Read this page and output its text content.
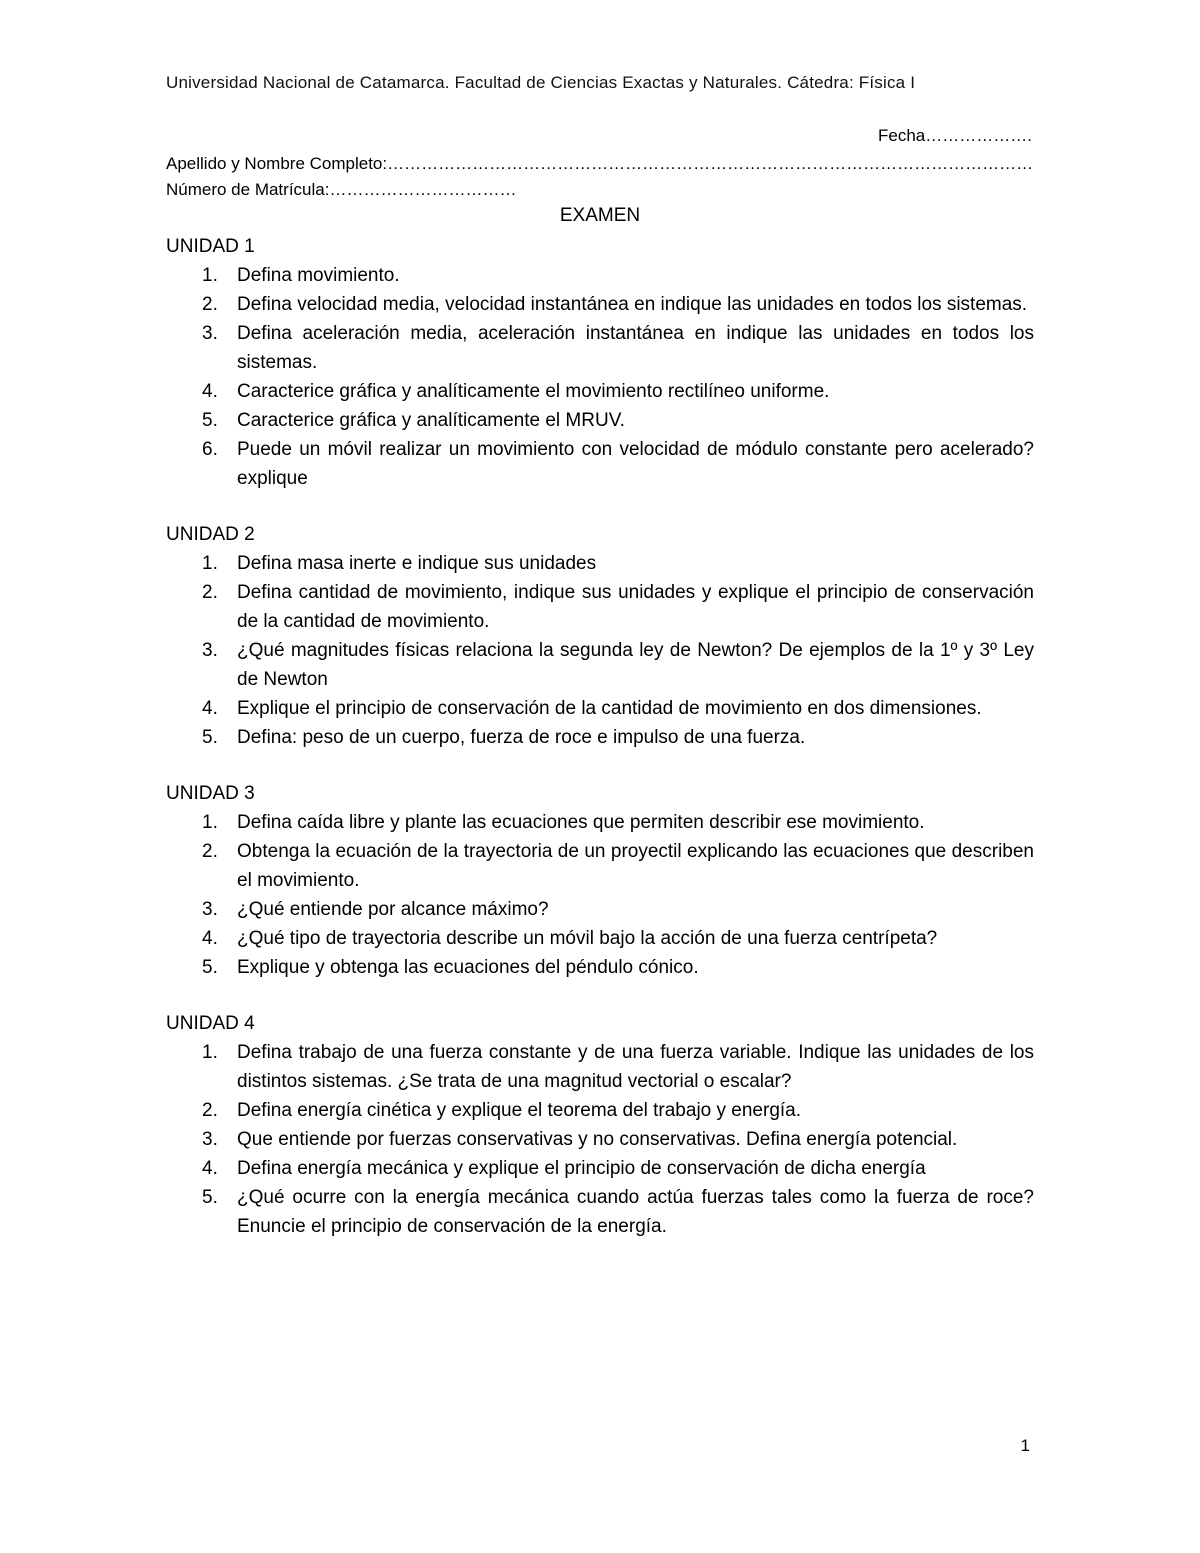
Universidad Nacional de Catamarca. Facultad de Ciencias Exactas y Naturales. Cátedra: Física I
Fecha……………….
Apellido y Nombre Completo:……………………………………………………………………………………………………
Número de Matrícula:……………………………
EXAMEN
UNIDAD 1
1. Defina movimiento.
2. Defina velocidad media, velocidad instantánea en indique las unidades en todos los sistemas.
3. Defina aceleración media, aceleración instantánea en indique las unidades en todos los sistemas.
4. Caracterice gráfica y analíticamente el movimiento rectilíneo uniforme.
5. Caracterice gráfica y analíticamente el MRUV.
6. Puede un móvil realizar un movimiento con velocidad de módulo constante pero acelerado? explique
UNIDAD 2
1. Defina masa inerte e indique sus unidades
2. Defina cantidad de movimiento, indique sus unidades y explique el principio de conservación de la cantidad de movimiento.
3. ¿Qué magnitudes físicas relaciona la segunda ley de Newton? De ejemplos de la 1º y 3º Ley de Newton
4. Explique el principio de conservación de la cantidad de movimiento en dos dimensiones.
5. Defina: peso de un cuerpo, fuerza de roce e impulso de una fuerza.
UNIDAD 3
1. Defina caída libre y plante las ecuaciones que permiten describir ese movimiento.
2. Obtenga la ecuación de la trayectoria de un proyectil explicando las ecuaciones que describen el movimiento.
3. ¿Qué entiende por alcance máximo?
4. ¿Qué tipo de trayectoria describe un móvil bajo la acción de una fuerza centrípeta?
5. Explique y obtenga las ecuaciones del péndulo cónico.
UNIDAD 4
1. Defina trabajo de una fuerza constante y de una fuerza variable. Indique las unidades de los distintos sistemas. ¿Se trata de una magnitud vectorial o escalar?
2. Defina energía cinética y explique el teorema del trabajo y energía.
3. Que entiende por fuerzas conservativas y no conservativas. Defina energía potencial.
4. Defina energía mecánica y explique el principio de conservación de dicha energía
5. ¿Qué ocurre con la energía mecánica cuando actúa fuerzas tales como la fuerza de roce? Enuncie el principio de conservación de la energía.
1
